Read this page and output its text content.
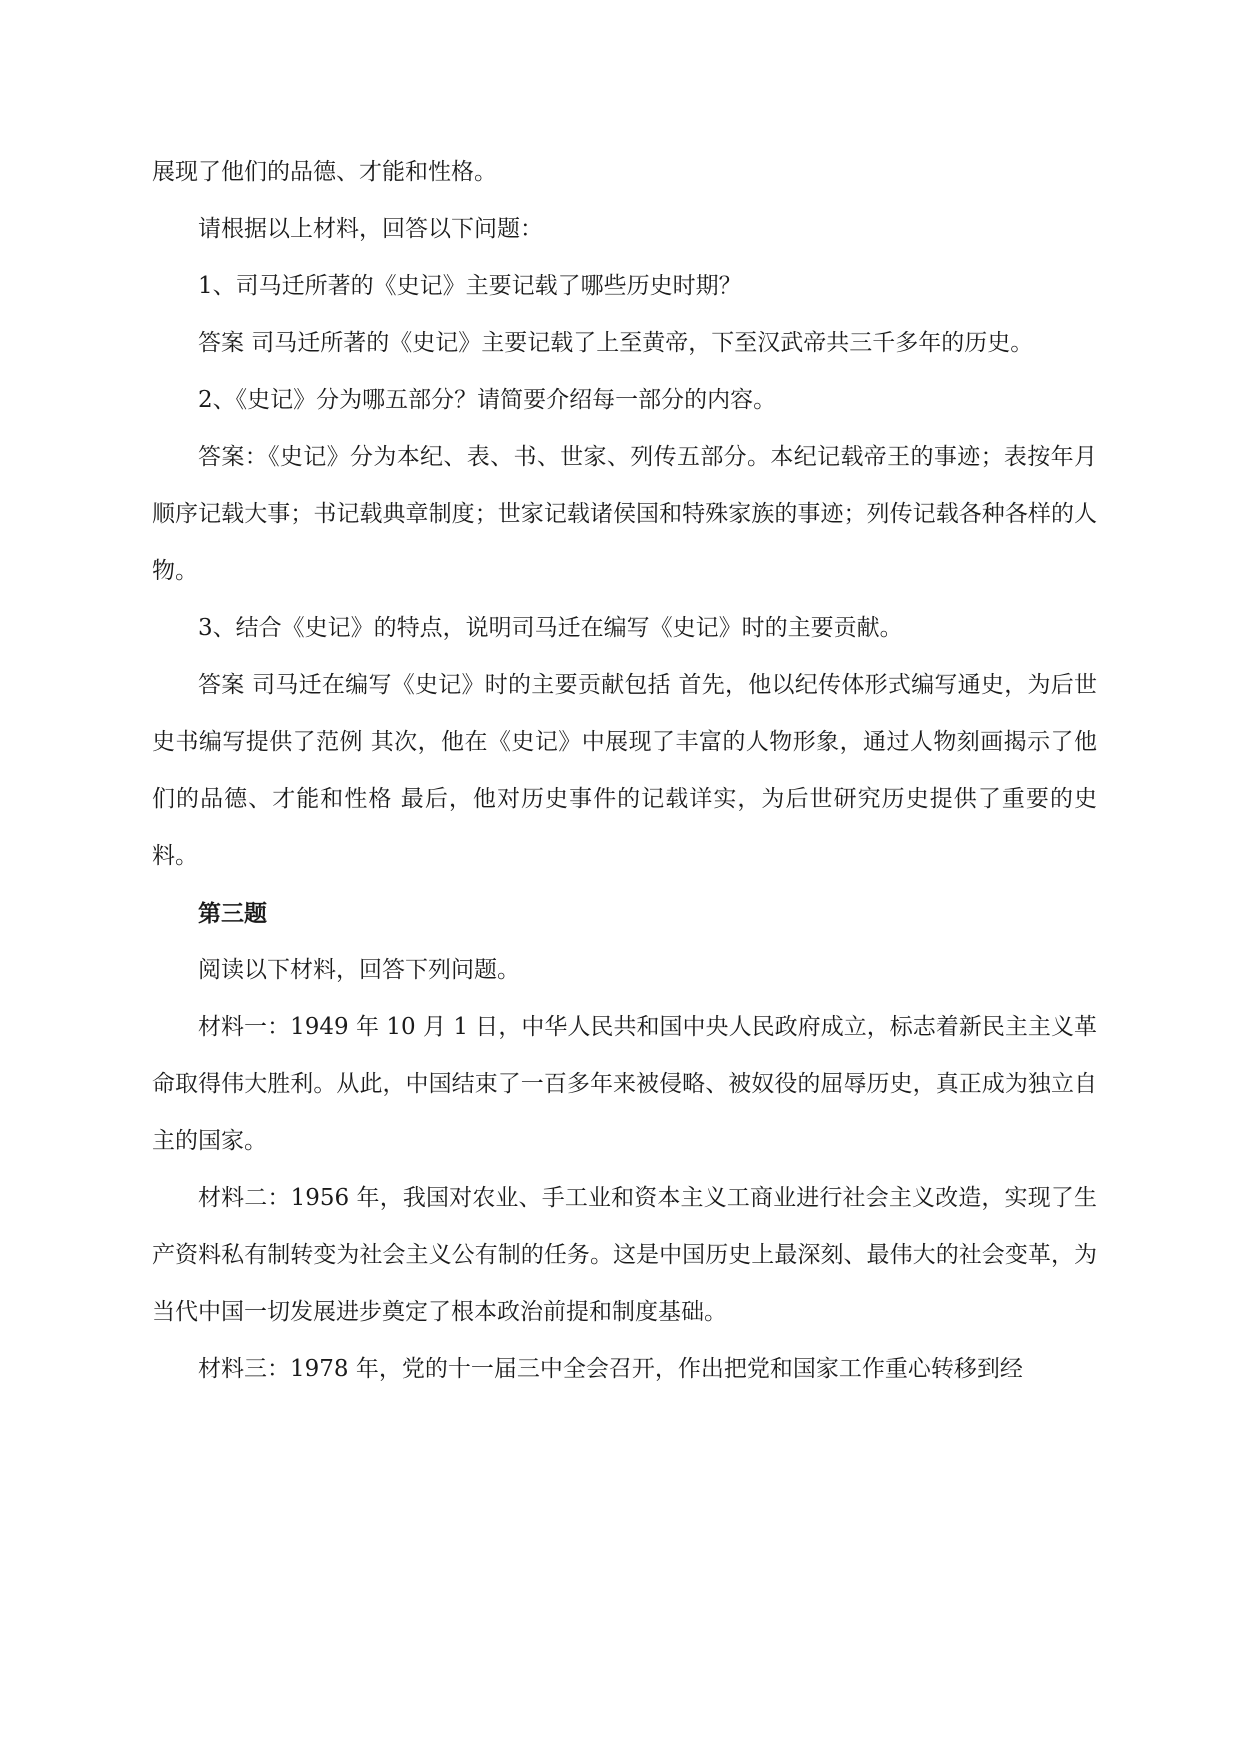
展现了他们的品德、才能和性格。

请根据以上材料，回答以下问题：

1、司马迁所著的《史记》主要记载了哪些历史时期？

答案 司马迁所著的《史记》主要记载了上至黄帝，下至汉武帝共三千多年的历史。

2、《史记》分为哪五部分？请简要介绍每一部分的内容。

答案：《史记》分为本纪、表、书、世家、列传五部分。本纪记载帝王的事迹；表按年月顺序记载大事；书记载典章制度；世家记载诸侯国和特殊家族的事迹；列传记载各种各样的人物。

3、结合《史记》的特点，说明司马迁在编写《史记》时的主要贡献。

答案 司马迁在编写《史记》时的主要贡献包括 首先，他以纪传体形式编写通史，为后世史书编写提供了范例 其次，他在《史记》中展现了丰富的人物形象，通过人物刻画揭示了他们的品德、才能和性格 最后，他对历史事件的记载详实，为后世研究历史提供了重要的史料。

第三题

阅读以下材料，回答下列问题。

材料一：1949 年 10 月 1 日，中华人民共和国中央人民政府成立，标志着新民主主义革命取得伟大胜利。从此，中国结束了一百多年来被侵略、被奴役的屈辱历史，真正成为独立自主的国家。

材料二：1956 年，我国对农业、手工业和资本主义工商业进行社会主义改造，实现了生产资料私有制转变为社会主义公有制的任务。这是中国历史上最深刻、最伟大的社会变革，为当代中国一切发展进步奠定了根本政治前提和制度基础。

材料三：1978 年，党的十一届三中全会召开，作出把党和国家工作重心转移到经
